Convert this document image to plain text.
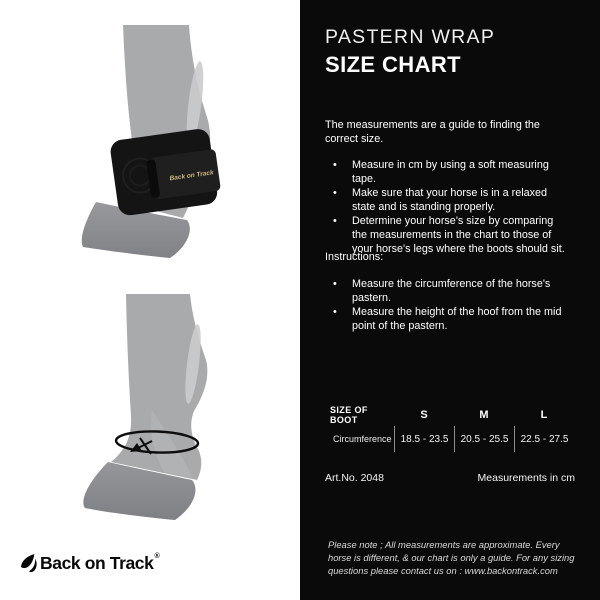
Back on Track
Back on Track ®
PASTERN WRAP
SIZE CHART
The measurements are a guide to finding the correct size.
• Measure in cm by using a soft measuring tape.
• Make sure that your horse is in a relaxed state and is standing properly.
• Determine your horse's size by comparing the measurements in the chart to those of your horse's legs where the boots should sit.
Instructions:
• Measure the circumference of the horse's pastern.
• Measure the height of the hoof from the mid point of the pastern.
SIZE OF BOOT	S	M	L
Circumference 18.5 - 23.5	20.5 - 25.5	22.5 - 27.5
Art.No. 2048	Measurements in cm
Please note ; All measurements are approximate. Every horse is different, & our chart is only a guide. For any sizing questions please contact us on : www.backontrack.com
